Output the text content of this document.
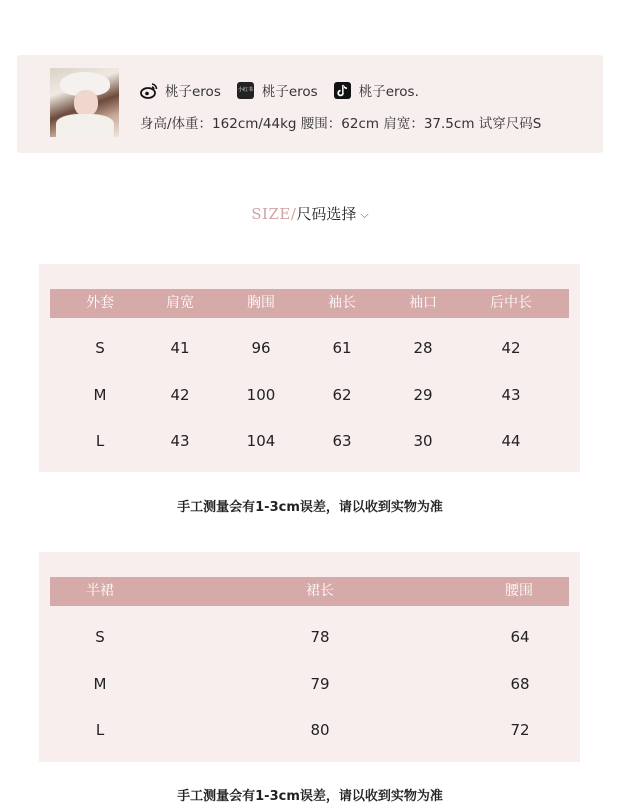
桃子eros	小红书 桃子eros	桃子eros.
身高/体重：162cm/44kg 腰围：62cm 肩宽：37.5cm 试穿尺码S
SIZE/尺码选择 ⌵
外套	肩宽	胸围	袖长	袖口	后中长
S	41	96	61	28	42
M	42	100	62	29	43
L	43	104	63	30	44
手工测量会有1-3cm误差，请以收到实物为准
半裙	裙长	腰围
S	78	64
M	79	68
L	80	72
手工测量会有1-3cm误差，请以收到实物为准
